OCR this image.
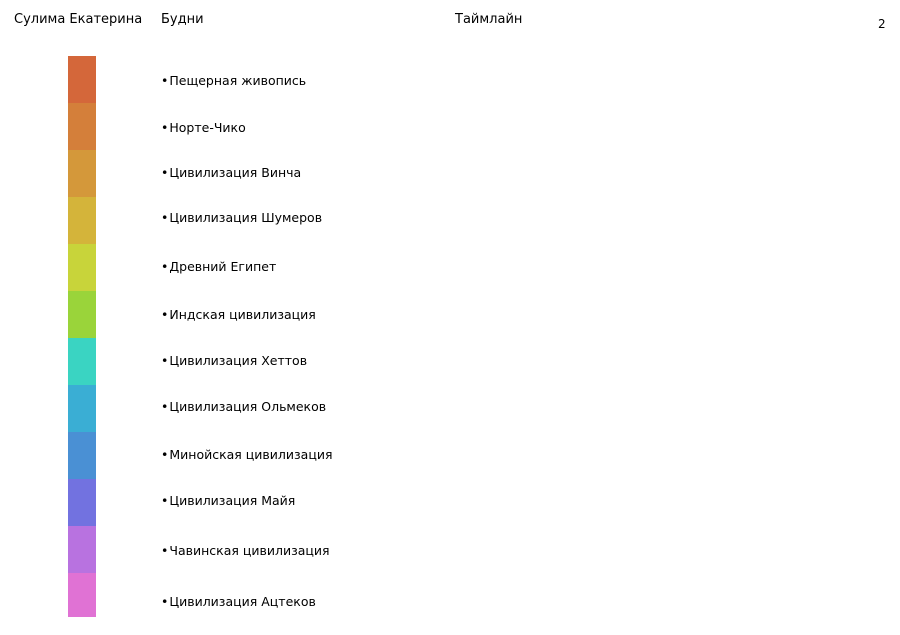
Сулима Екатерина Будни	Таймлайн	2
•Пещерная живопись
•Норте-Чико
•Цивилизация Винча
•Цивилизация Шумеров
•Древний Египет
•Индская цивилизация
•Цивилизация Хеттов
•Цивилизация Ольмеков
•Минойская цивилизация
•Цивилизация Майя
•Чавинская цивилизация
•Цивилизация Ацтеков
